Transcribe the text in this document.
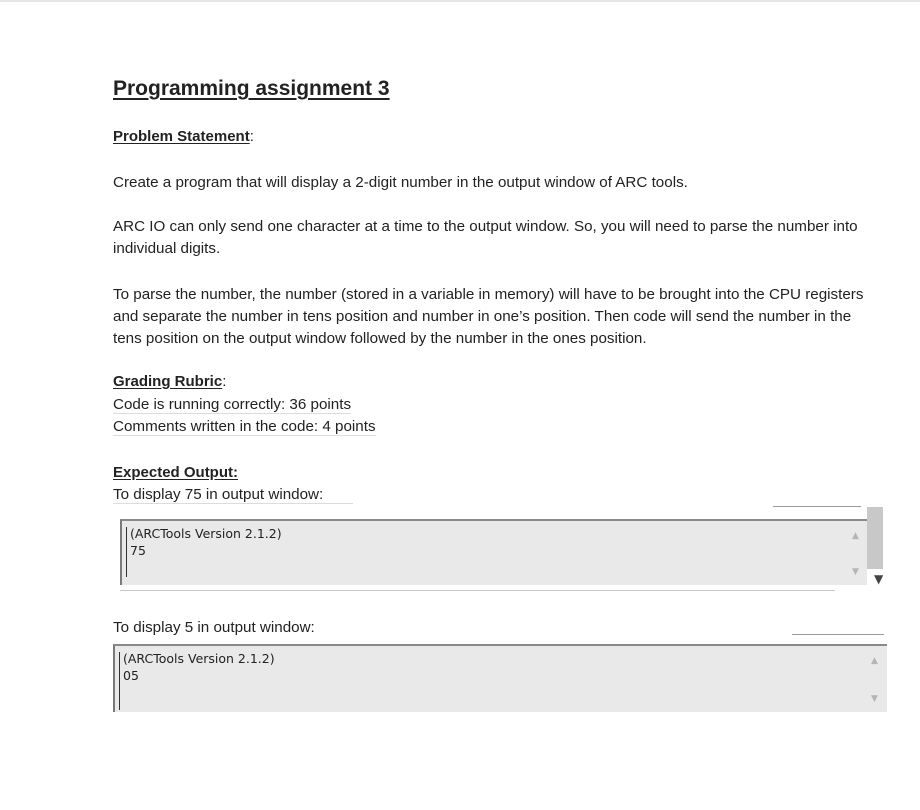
Programming assignment 3
Problem Statement:

Create a program that will display a 2-digit number in the output window of ARC tools.

ARC IO can only send one character at a time to the output window. So, you will need to parse the number into individual digits.

To parse the number, the number (stored in a variable in memory) will have to be brought into the CPU registers and separate the number in tens position and number in one’s position. Then code will send the number in the tens position on the output window followed by the number in the ones position.

Grading Rubric:
Code is running correctly: 36 points
Comments written in the code: 4 points
Expected Output:
To display 75 in output window:
To display 5 in output window:
(ARCTools Version 2.1.2)
75
▲
▼ ▼
(ARCTools Version 2.1.2)
05
▲
▼
